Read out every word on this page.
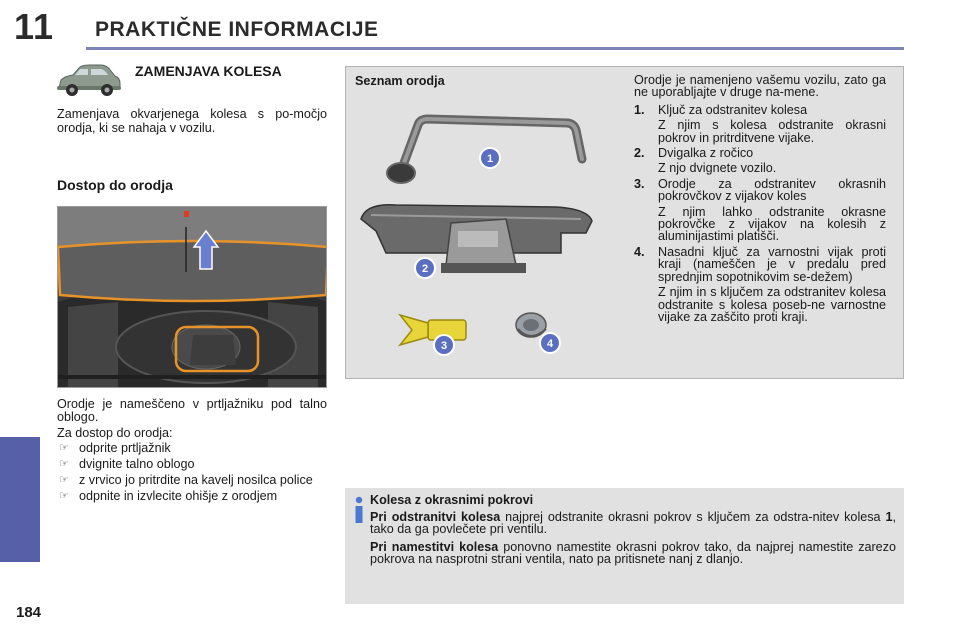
11 PRAKTIČNE INFORMACIJE
184
ZAMENJAVA KOLESA
Zamenjava okvarjenega kolesa s po-močjo orodja, ki se nahaja v vozilu.
Dostop do orodja
Orodje je nameščeno v prtljažniku pod talno oblogo.
Za dostop do orodja:
☞ odprite prtljažnik
☞ dvignite talno oblogo
☞ z vrvico jo pritrdite na kavelj nosilca police
☞ odpnite in izvlecite ohišje z orodjem
Seznam orodja
1
2
3	4
Orodje je namenjeno vašemu vozilu, zato ga ne uporabljajte v druge na-mene.
1.	Ključ za odstranitev kolesa
Z njim s kolesa odstranite okrasni pokrov in pritrditvene vijake.
2.	Dvigalka z ročico
Z njo dvignete vozilo.
3.	Orodje za odstranitev okrasnih pokrovčkov z vijakov koles
Z njim lahko odstranite okrasne pokrovčke z vijakov na kolesih z aluminijastimi platišči.
4.	Nasadni ključ za varnostni vijak proti kraji (nameščen je v predalu pred sprednjim sopotnikovim se-dežem)
Z njim in s ključem za odstranitev kolesa odstranite s kolesa poseb-ne varnostne vijake za zaščito proti kraji.
Kolesa z okrasnimi pokrovi
Pri odstranitvi kolesa najprej odstranite okrasni pokrov s ključem za odstra-nitev kolesa 1, tako da ga povlečete pri ventilu.
Pri namestitvi kolesa ponovno namestite okrasni pokrov tako, da najprej namestite zarezo pokrova na nasprotni strani ventila, nato pa pritisnete nanj z dlanjo.
